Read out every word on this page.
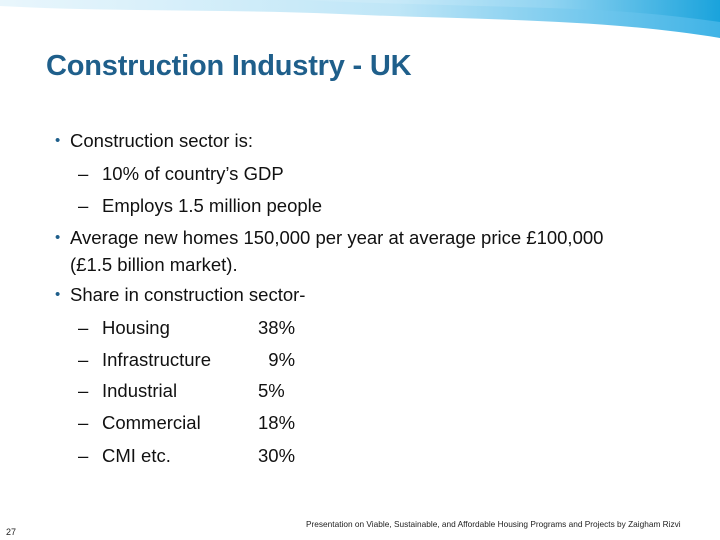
Construction Industry - UK
• Construction sector is:
– 10% of country’s GDP
– Employs 1.5 million people
• Average new homes 150,000 per year at average price £100,000
(£1.5 billion market).
• Share in construction sector-
– Housing	38%
– Infrastructure	9%
– Industrial	5%
– Commercial	18%
– CMI etc.	30%
27
Presentation on Viable, Sustainable, and Affordable Housing Programs and Projects by Zaigham Rizvi
